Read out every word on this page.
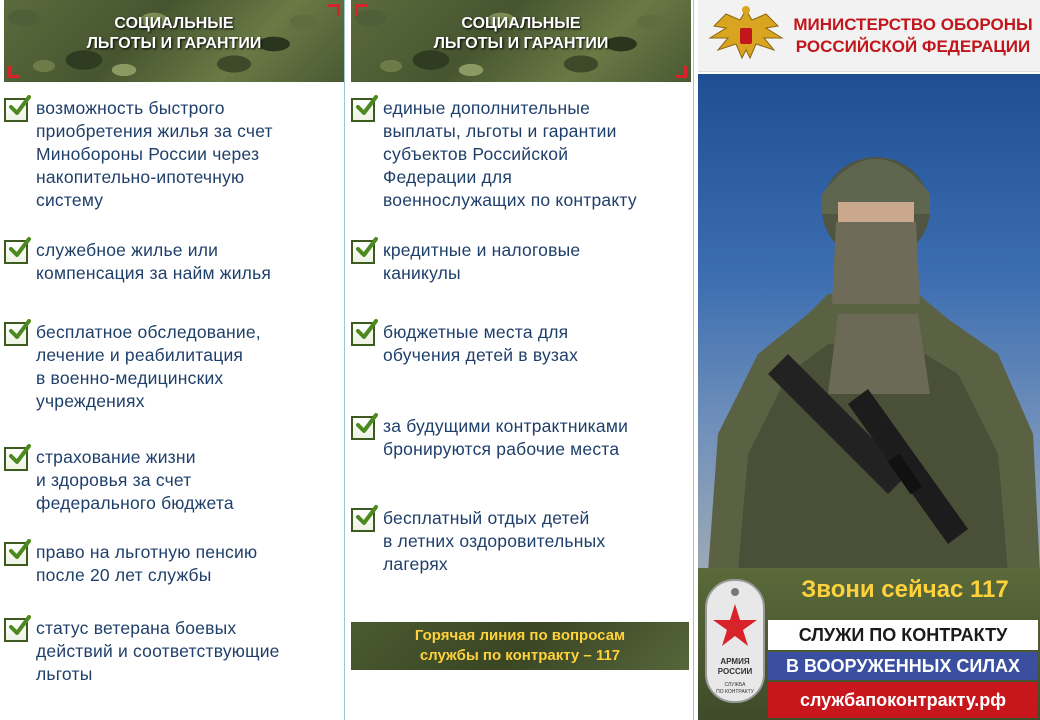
СОЦИАЛЬНЫЕ
ЛЬГОТЫ И ГАРАНТИИ
возможность быстрого
приобретения жилья за счет
Минобороны России через
накопительно-ипотечную
систему
служебное жилье или
компенсация за найм жилья
бесплатное обследование,
лечение и реабилитация
в военно-медицинских
учреждениях
страхование жизни
и здоровья за счет
федерального бюджета
право на льготную пенсию
после 20 лет службы
статус ветерана боевых
действий и соответствующие
льготы
СОЦИАЛЬНЫЕ
ЛЬГОТЫ И ГАРАНТИИ
единые дополнительные
выплаты, льготы и гарантии
субъектов Российской
Федерации для
военнослужащих по контракту
кредитные и налоговые
каникулы
бюджетные места для
обучения детей в вузах
за будущими контрактниками
бронируются рабочие места
бесплатный отдых детей
в летних оздоровительных
лагерях
Горячая линия по вопросам
службы по контракту – 117
МИНИСТЕРСТВО ОБОРОНЫ
РОССИЙСКОЙ ФЕДЕРАЦИИ
АРМИЯ
РОССИИ
СЛУЖБА
ПО КОНТРАКТУ
Звони сейчас 117
СЛУЖИ ПО КОНТРАКТУ
В ВООРУЖЕННЫХ СИЛАХ
службапоконтракту.рф
